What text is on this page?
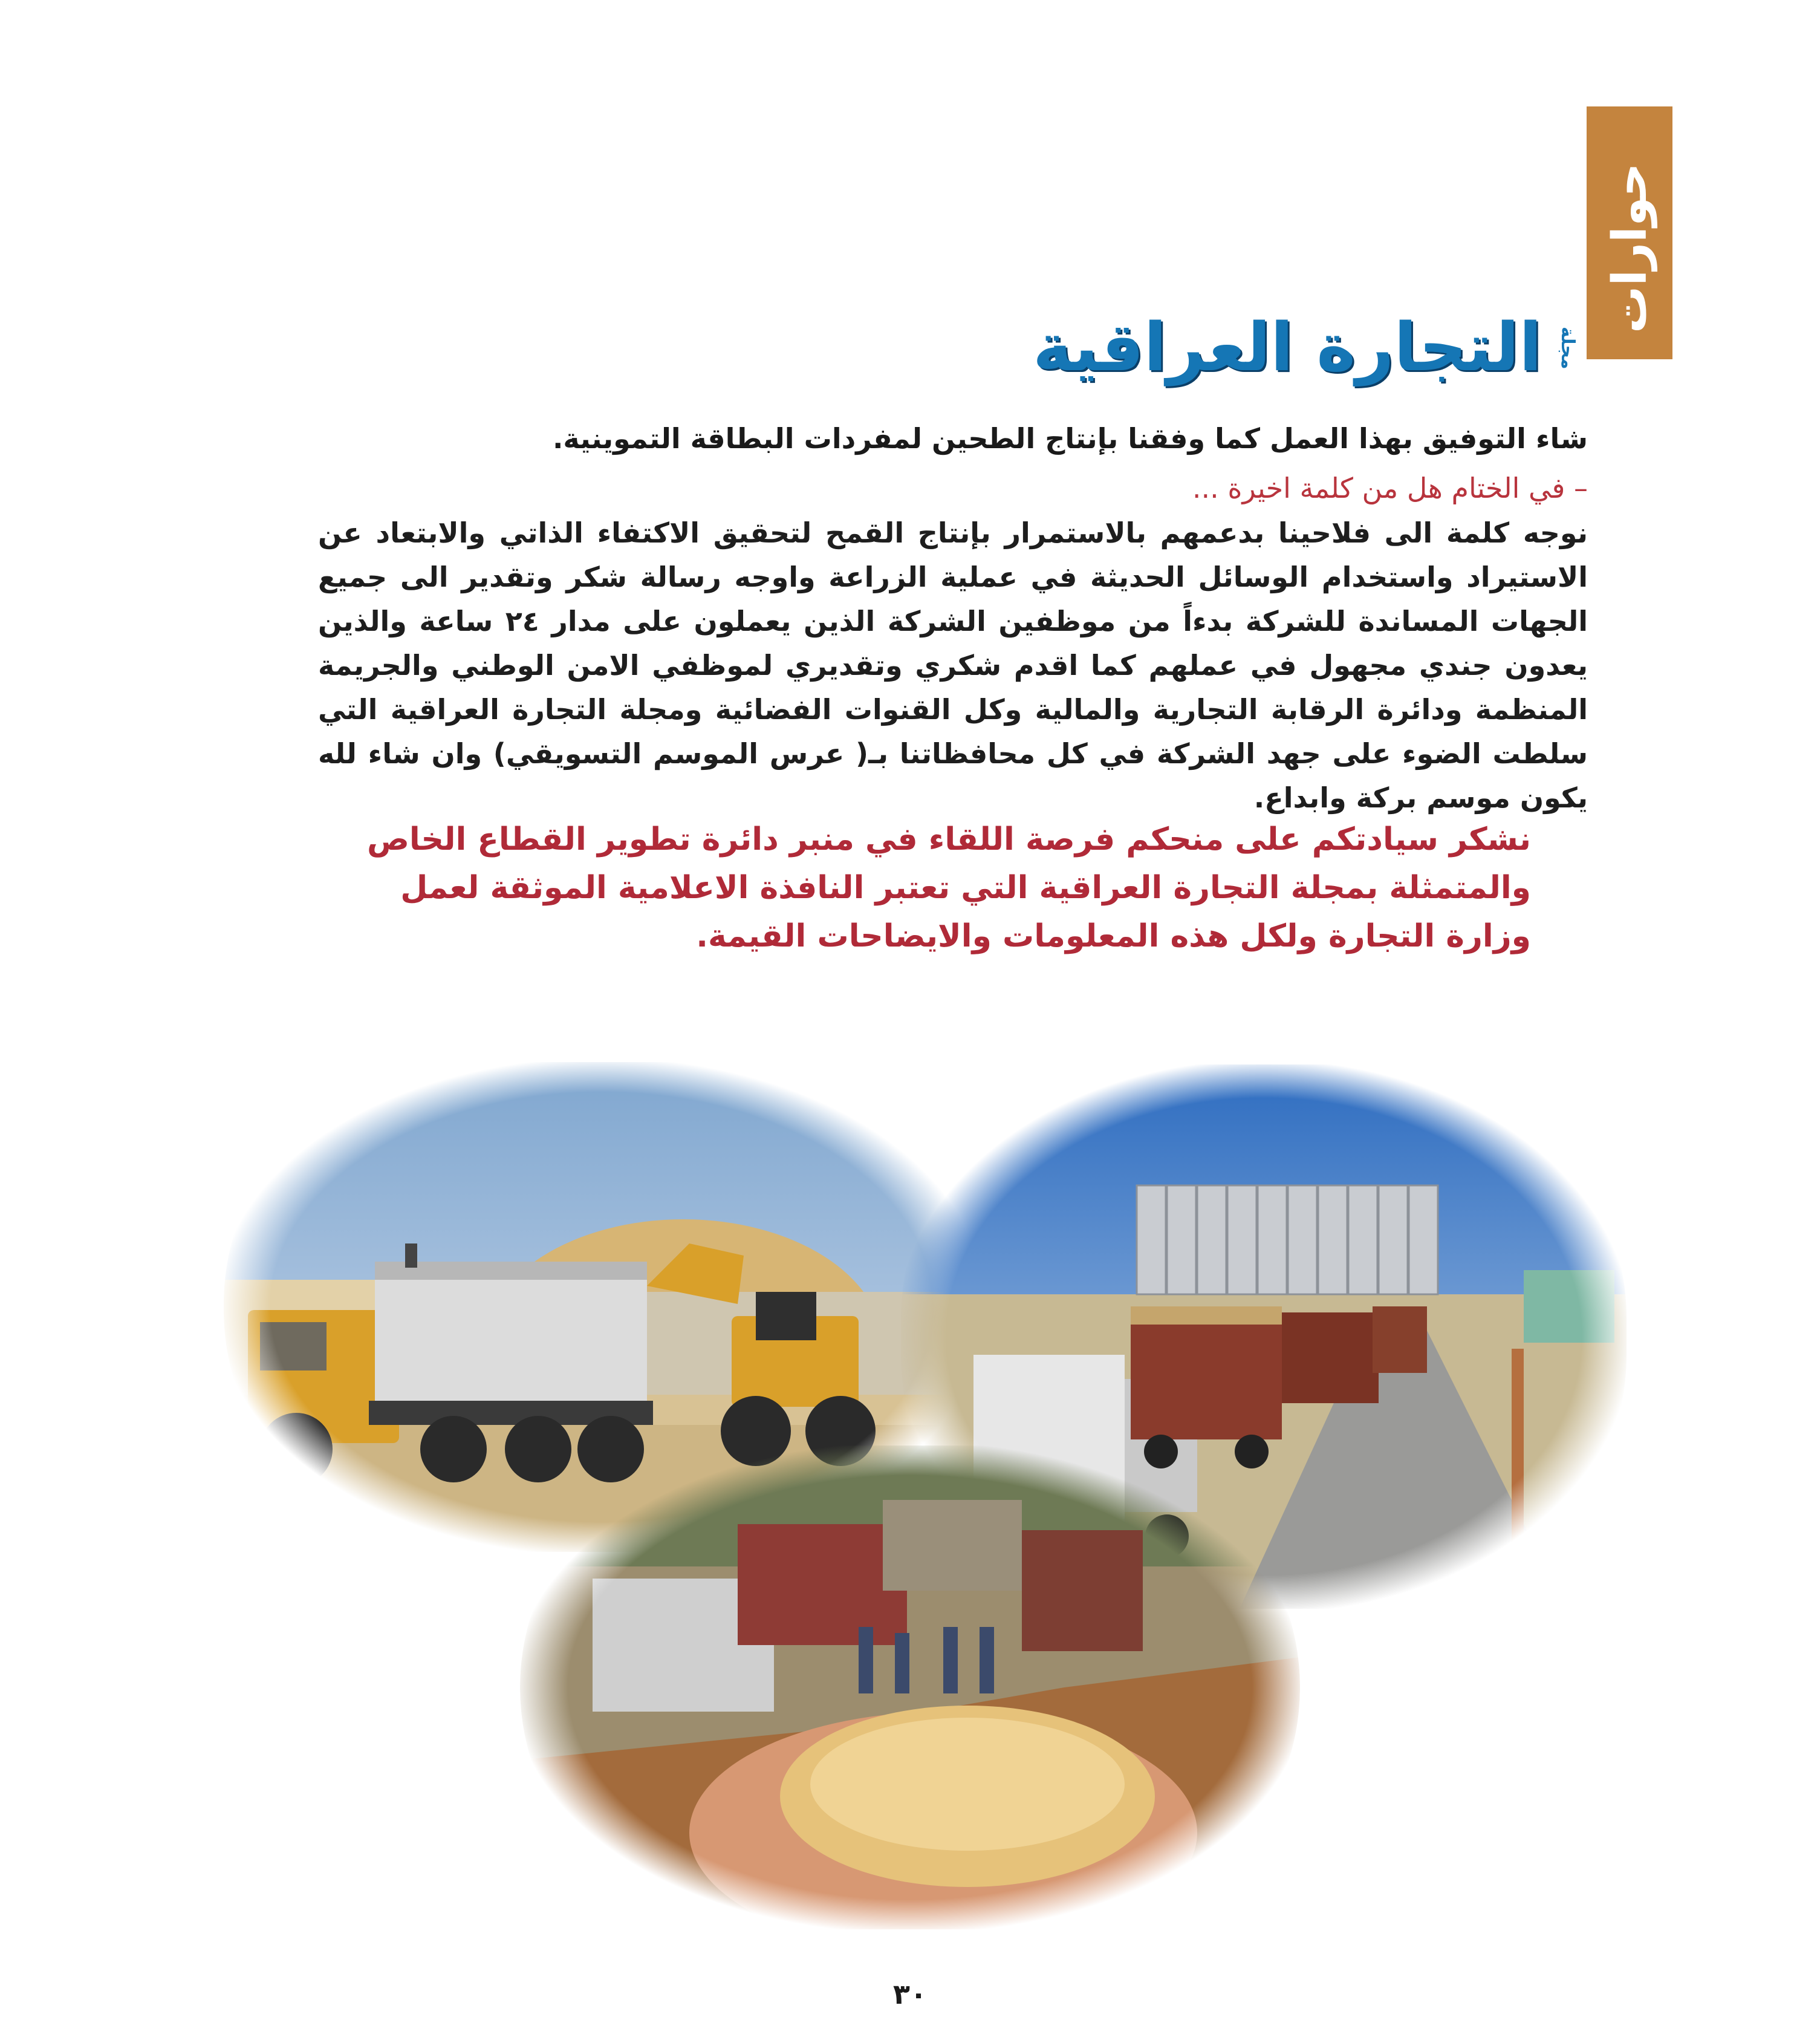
حوارات
التجارة العراقية مجلة
شاء التوفيق بهذا العمل كما وفقنا بإنتاج الطحين لمفردات البطاقة التموينية.
– في الختام هل من كلمة اخيرة ...
نوجه كلمة الى فلاحينا بدعمهم بالاستمرار بإنتاج القمح لتحقيق الاكتفاء الذاتي والابتعاد عن الاستيراد واستخدام الوسائل الحديثة في عملية الزراعة واوجه رسالة شكر وتقدير الى جميع الجهات المساندة للشركة بدءاً من موظفين الشركة الذين يعملون على مدار ٢٤ ساعة والذين يعدون جندي مجهول في عملهم كما اقدم شكري وتقديري لموظفي الامن الوطني والجريمة المنظمة ودائرة الرقابة التجارية والمالية وكل القنوات الفضائية ومجلة التجارة العراقية التي سلطت الضوء على جهد الشركة في كل محافظاتنا بـ( عرس الموسم التسويقي) وان شاء لله يكون موسم بركة وابداع.
نشكر سيادتكم على منحكم فرصة اللقاء في منبر دائرة تطوير القطاع الخاص والمتمثلة بمجلة التجارة العراقية التي تعتبر النافذة الاعلامية الموثقة لعمل وزارة التجارة ولكل هذه المعلومات والايضاحات القيمة.
٣٠
